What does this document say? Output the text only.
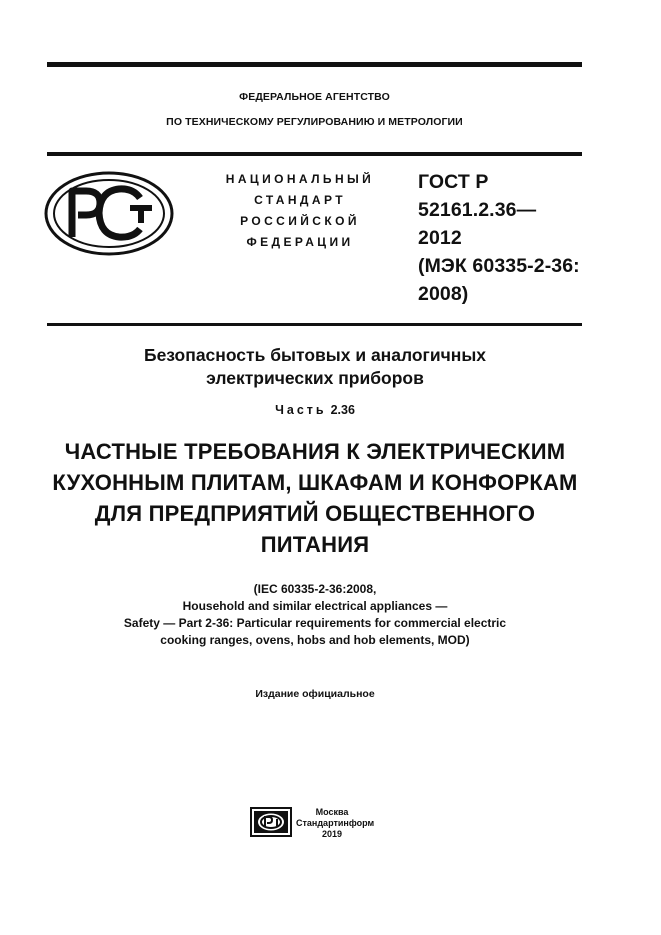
ФЕДЕРАЛЬНОЕ АГЕНТСТВО
ПО ТЕХНИЧЕСКОМУ РЕГУЛИРОВАНИЮ И МЕТРОЛОГИИ
НАЦИОНАЛЬНЫЙ
СТАНДАРТ
РОССИЙСКОЙ
ФЕДЕРАЦИИ
ГОСТ Р
52161.2.36—
2012
(МЭК 60335-2-36:
2008)
Безопасность бытовых и аналогичных
электрических приборов
Часть 2.36
ЧАСТНЫЕ ТРЕБОВАНИЯ К ЭЛЕКТРИЧЕСКИМ
КУХОННЫМ ПЛИТАМ, ШКАФАМ И КОНФОРКАМ
ДЛЯ ПРЕДПРИЯТИЙ ОБЩЕСТВЕННОГО
ПИТАНИЯ
(IEC 60335-2-36:2008,
Household and similar electrical appliances —
Safety — Part 2-36: Particular requirements for commercial electric
cooking ranges, ovens, hobs and hob elements, MOD)
Издание официальное
Москва
Стандартинформ
2019
